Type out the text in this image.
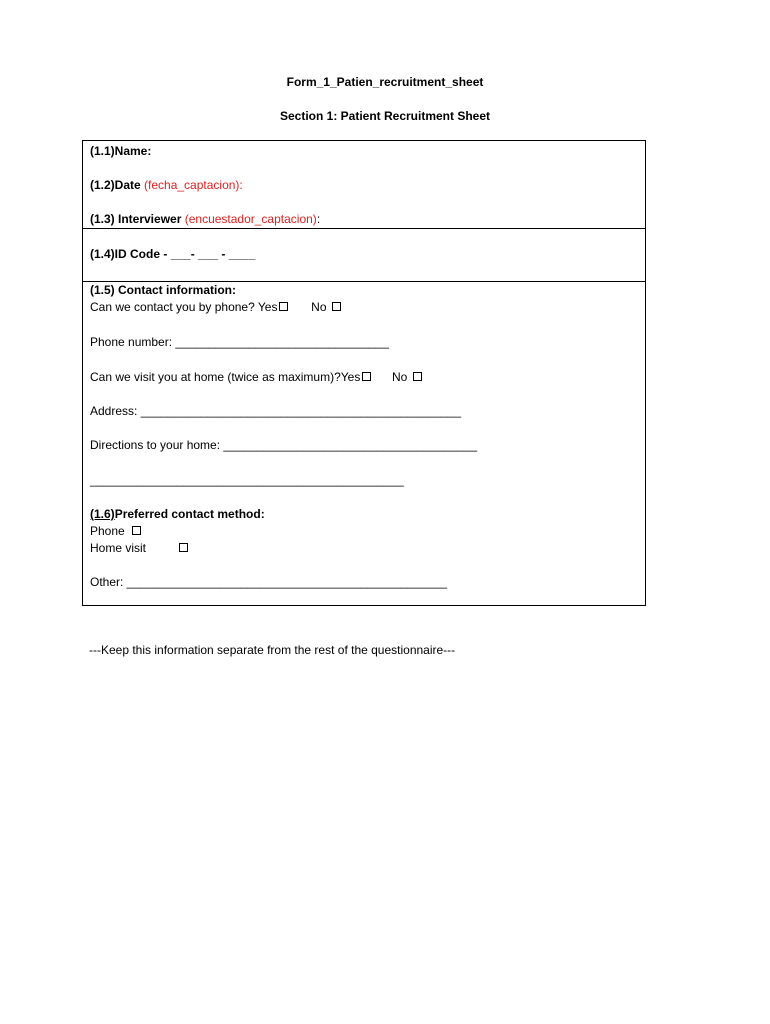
Form_1_Patien_recruitment_sheet
Section 1: Patient Recruitment Sheet
(1.1)Name:
(1.2)Date (fecha_captacion):
(1.3) Interviewer (encuestador_captacion):
(1.4)ID Code - ___- ___ - ____
(1.5) Contact information:
Can we contact you by phone? Yes	No
Phone number: ________________________________
Can we visit you at home (twice as maximum)?Yes	No
Address: ________________________________________________
Directions to your home: ______________________________________
_______________________________________________
(1.6)Preferred contact method:
Phone
Home visit
Other: ________________________________________________
---Keep this information separate from the rest of the questionnaire---
